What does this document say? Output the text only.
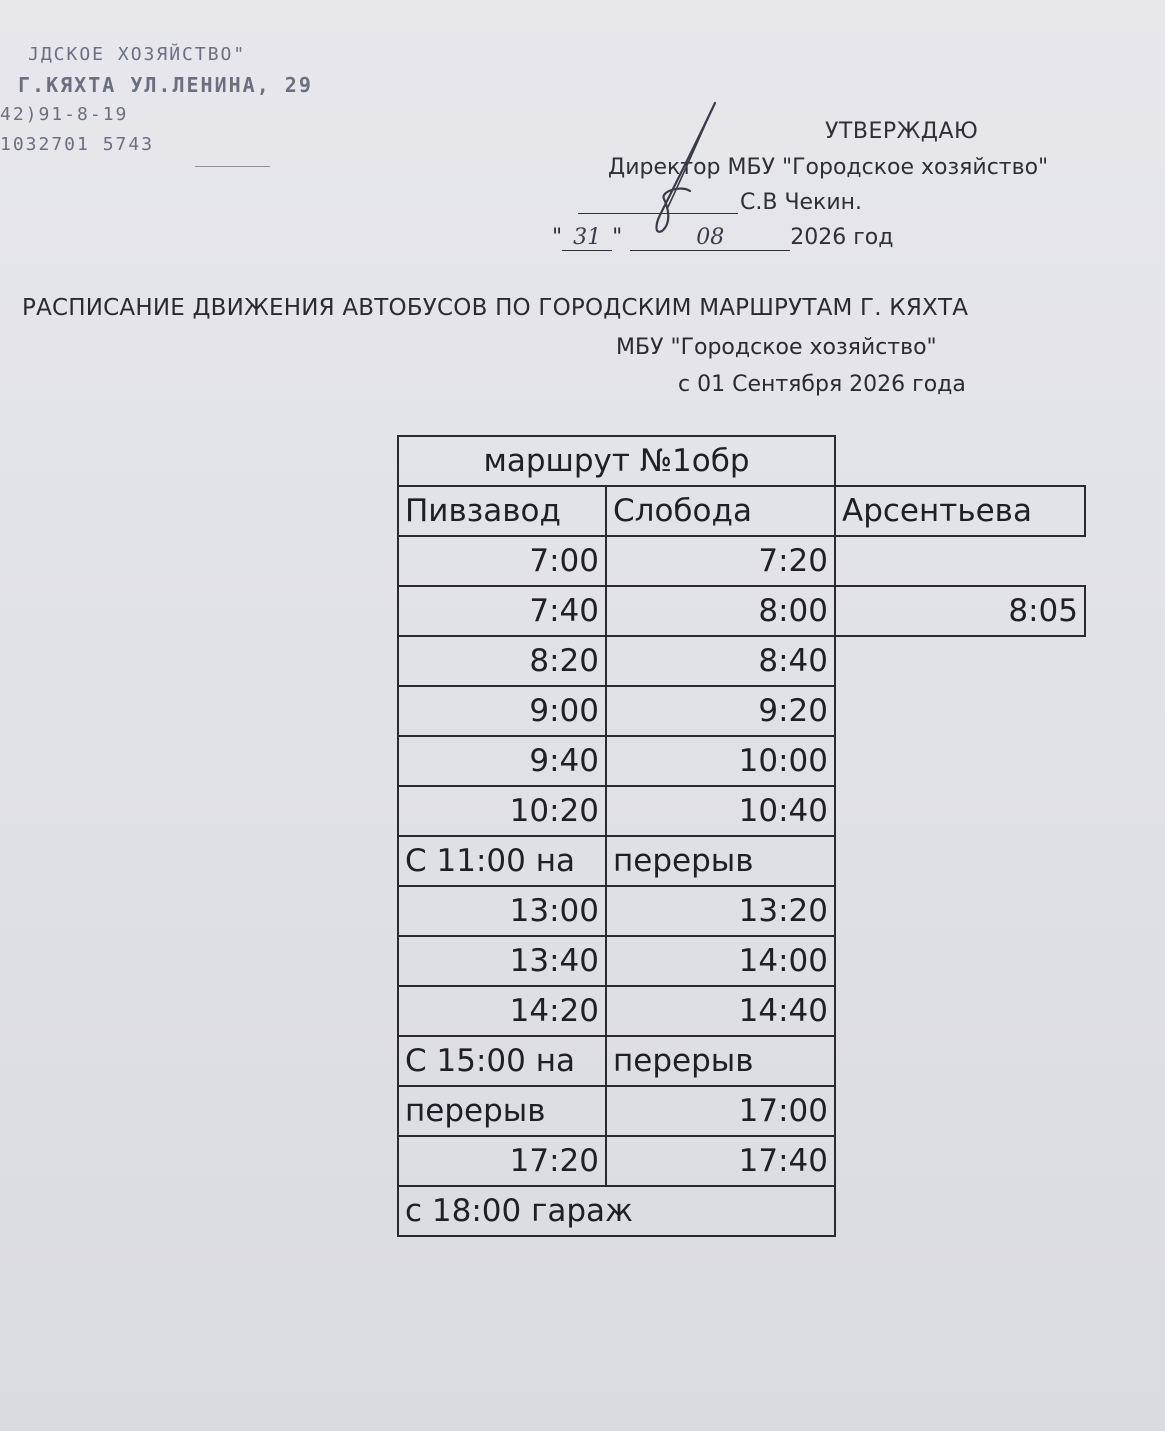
ЈДСКОЕ ХОЗЯЙСТВО"
Г.КЯХТА УЛ.ЛЕНИНА, 29
42)91-8-19
1032701 5743
УТВЕРЖДАЮ
Директор МБУ "Городское хозяйство"
С.В Чекин.
" 31 "	08	2026 год
РАСПИСАНИЕ ДВИЖЕНИЯ АВТОБУСОВ ПО ГОРОДСКИМ МАРШРУТАМ Г. КЯХТА
МБУ "Городское хозяйство"
с 01 Сентября 2026 года
маршрут №1обр
Пивзавод	Слобода	Арсентьева
7:00	7:20
7:40	8:00	8:05
8:20	8:40
9:00	9:20
9:40	10:00
10:20	10:40
С 11:00 на	перерыв
13:00	13:20
13:40	14:00
14:20	14:40
С 15:00 на	перерыв
перерыв	17:00
17:20	17:40
с 18:00 гараж
